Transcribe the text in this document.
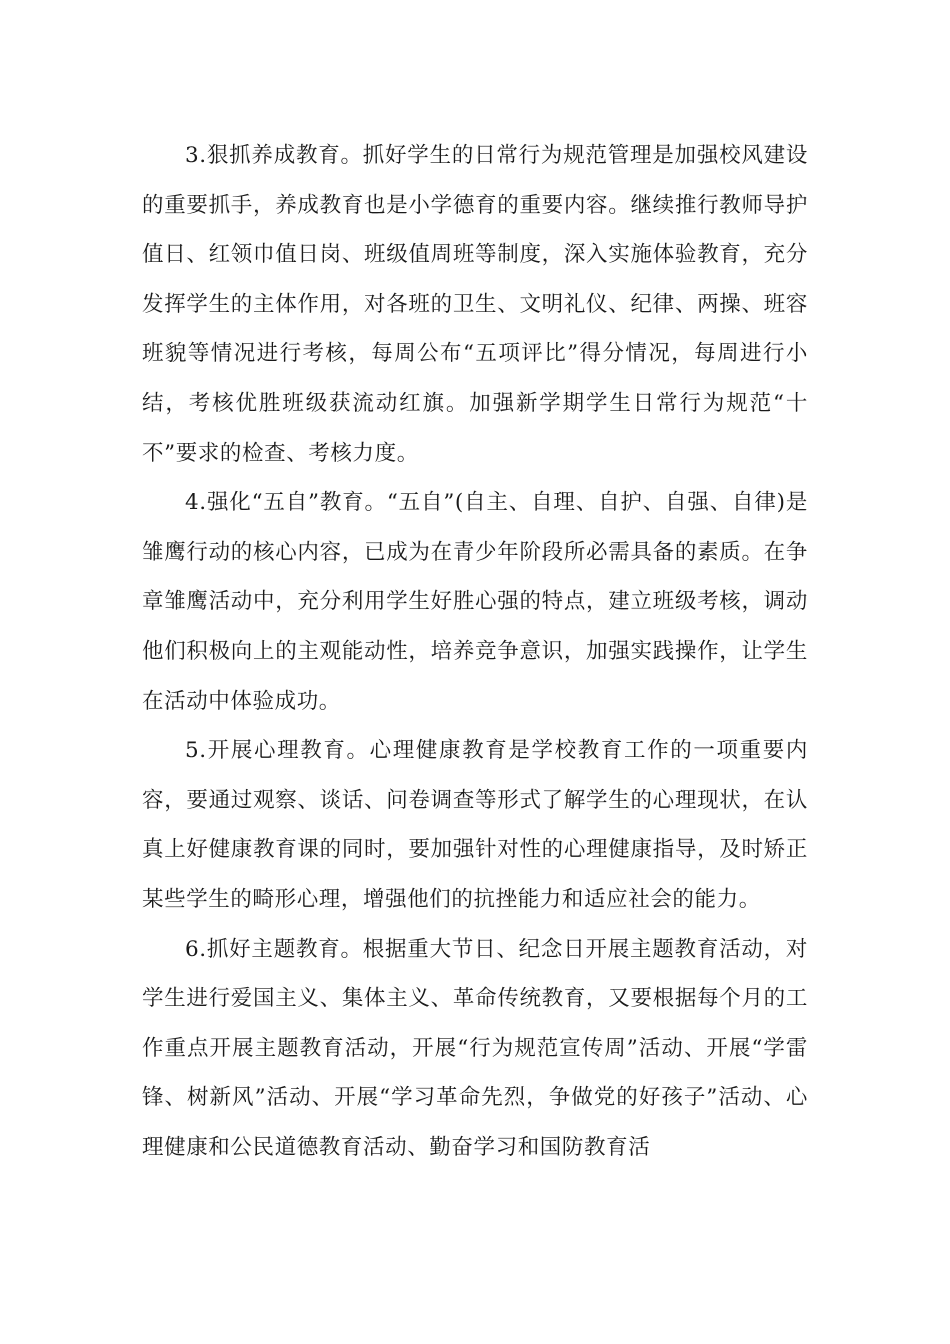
3.狠抓养成教育。抓好学生的日常行为规范管理是加强校风建设的重要抓手，养成教育也是小学德育的重要内容。继续推行教师导护值日、红领巾值日岗、班级值周班等制度，深入实施体验教育，充分发挥学生的主体作用，对各班的卫生、文明礼仪、纪律、两操、班容班貌等情况进行考核，每周公布“五项评比”得分情况，每周进行小结，考核优胜班级获流动红旗。加强新学期学生日常行为规范“十不”要求的检查、考核力度。

4.强化“五自”教育。“五自”(自主、自理、自护、自强、自律)是雏鹰行动的核心内容，已成为在青少年阶段所必需具备的素质。在争章雏鹰活动中，充分利用学生好胜心强的特点，建立班级考核，调动他们积极向上的主观能动性，培养竞争意识，加强实践操作，让学生在活动中体验成功。

5.开展心理教育。心理健康教育是学校教育工作的一项重要内容，要通过观察、谈话、问卷调查等形式了解学生的心理现状，在认真上好健康教育课的同时，要加强针对性的心理健康指导，及时矫正某些学生的畸形心理，增强他们的抗挫能力和适应社会的能力。

6.抓好主题教育。根据重大节日、纪念日开展主题教育活动，对学生进行爱国主义、集体主义、革命传统教育，又要根据每个月的工作重点开展主题教育活动，开展“行为规范宣传周”活动、开展“学雷锋、树新风”活动、开展“学习革命先烈，争做党的好孩子”活动、心理健康和公民道德教育活动、勤奋学习和国防教育活
